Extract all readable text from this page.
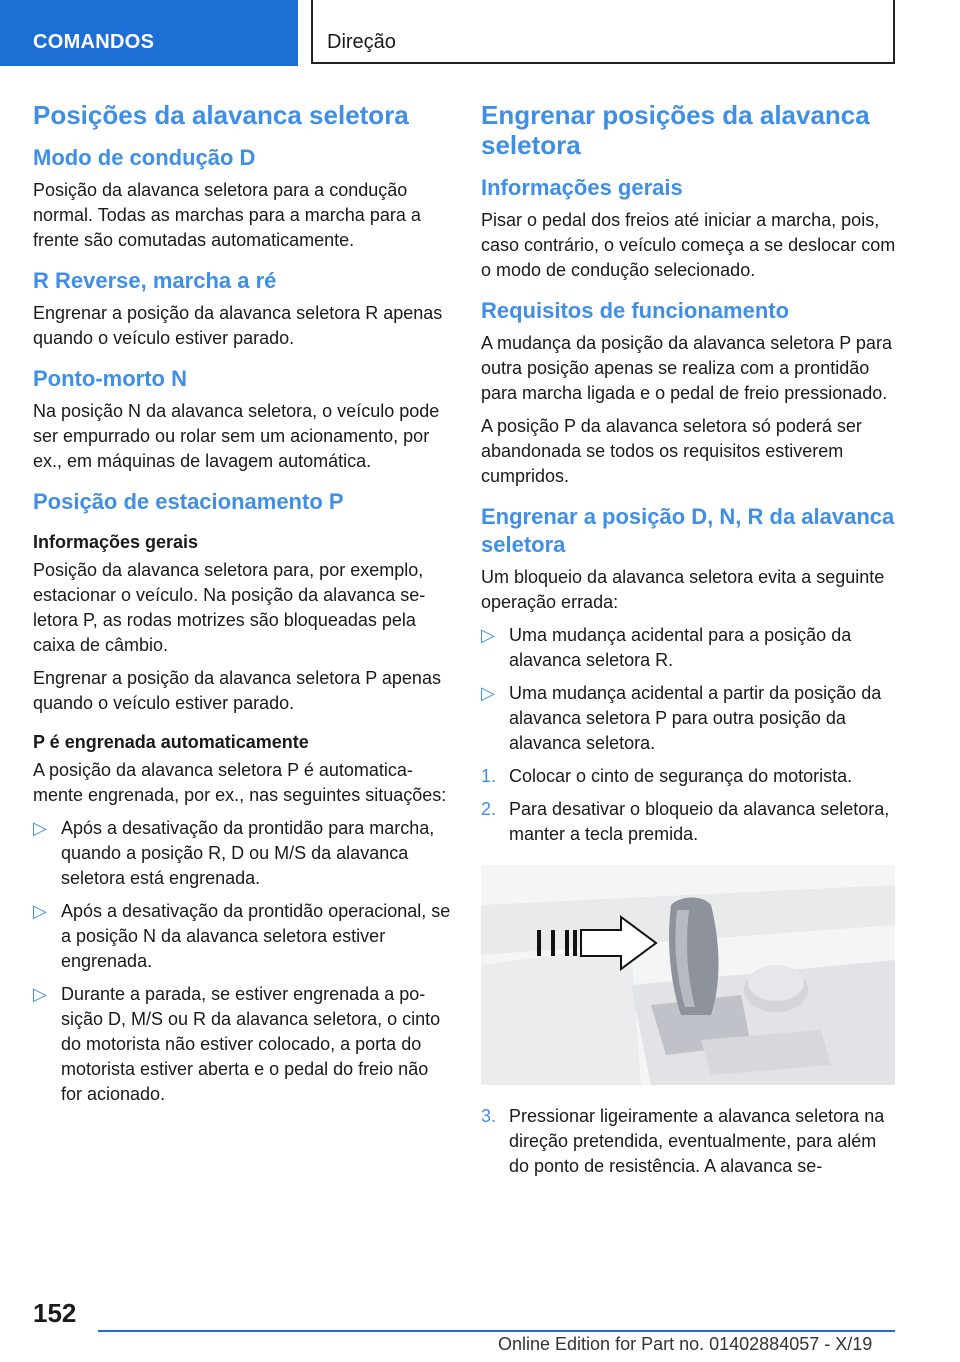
COMANDOS	Direção
Posições da alavanca seletora
Modo de condução D

Posição da alavanca seletora para a condução normal. Todas as marchas para a marcha para a frente são comutadas automaticamente.

R Reverse, marcha a ré

Engrenar a posição da alavanca seletora R apenas quando o veículo estiver parado.

Ponto-morto N

Na posição N da alavanca seletora, o veículo pode ser empurrado ou rolar sem um acionamento, por ex., em máquinas de lavagem automática.

Posição de estacionamento P
Informações gerais

Posição da alavanca seletora para, por exemplo, estacionar o veículo. Na posição da alavanca seletora P, as rodas motrizes são bloqueadas pela caixa de câmbio.

Engrenar a posição da alavanca seletora P apenas quando o veículo estiver parado.

P é engrenada automaticamente

A posição da alavanca seletora P é automaticamente engrenada, por ex., nas seguintes situações:

▷ Após a desativação da prontidão para marcha, quando a posição R, D ou M/S da alavanca seletora está engrenada.
▷ Após a desativação da prontidão operacional, se a posição N da alavanca seletora estiver engrenada.
▷ Durante a parada, se estiver engrenada a posição D, M/S ou R da alavanca seletora, o cinto do motorista não estiver colocado, a porta do motorista estiver aberta e o pedal do freio não for acionado.
Engrenar posições da alavanca seletora
Informações gerais

Pisar o pedal dos freios até iniciar a marcha, pois, caso contrário, o veículo começa a se deslocar com o modo de condução selecionado.

Requisitos de funcionamento

A mudança da posição da alavanca seletora P para outra posição apenas se realiza com a prontidão para marcha ligada e o pedal de freio pressionado.

A posição P da alavanca seletora só poderá ser abandonada se todos os requisitos estiverem cumpridos.

Engrenar a posição D, N, R da alavanca seletora

Um bloqueio da alavanca seletora evita a seguinte operação errada:

▷ Uma mudança acidental para a posição da alavanca seletora R.
▷ Uma mudança acidental a partir da posição da alavanca seletora P para outra posição da alavanca seletora.
1. Colocar o cinto de segurança do motorista.
2. Para desativar o bloqueio da alavanca seletora, manter a tecla premida.
3. Pressionar ligeiramente a alavanca seletora na direção pretendida, eventualmente, para além do ponto de resistência. A alavanca se-
152
Online Edition for Part no. 01402884057 - X/19
